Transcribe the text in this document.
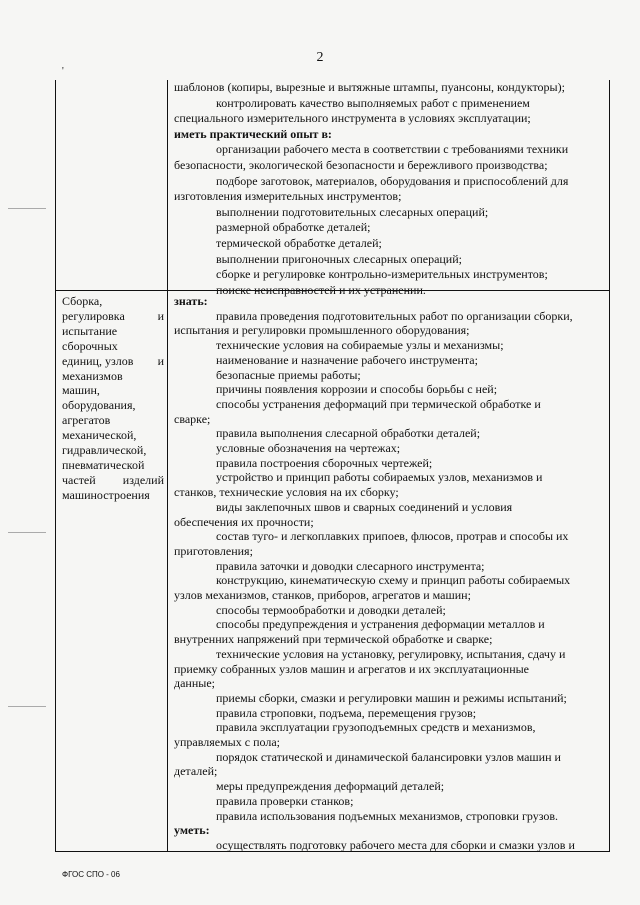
2
'
шаблонов (копиры, вырезные и вытяжные штампы, пуансоны, кондукторы);
контролировать качество выполняемых работ с применением
специального измерительного инструмента в условиях эксплуатации;
иметь практический опыт в:
организации рабочего места в соответствии с требованиями техники
безопасности, экологической безопасности и бережливого производства;
подборе заготовок, материалов, оборудования и приспособлений для
изготовления измерительных инструментов;
выполнении подготовительных слесарных операций;
размерной обработке деталей;
термической обработке деталей;
выполнении пригоночных слесарных операций;
сборке и регулировке контрольно-измерительных инструментов;
поиске неисправностей и их устранении.
знать:
правила проведения подготовительных работ по организации сборки,
испытания и регулировки промышленного оборудования;
технические условия на собираемые узлы и механизмы;
наименование и назначение рабочего инструмента;
безопасные приемы работы;
причины появления коррозии и способы борьбы с ней;
способы устранения деформаций при термической обработке и
сварке;
правила выполнения слесарной обработки деталей;
условные обозначения на чертежах;
правила построения сборочных чертежей;
устройство и принцип работы собираемых узлов, механизмов и
станков, технические условия на их сборку;
виды заклепочных швов и сварных соединений и условия
обеспечения их прочности;
состав туго- и легкоплавких припоев, флюсов, протрав и способы их
приготовления;
правила заточки и доводки слесарного инструмента;
конструкцию, кинематическую схему и принцип работы собираемых
узлов механизмов, станков, приборов, агрегатов и машин;
способы термообработки и доводки деталей;
способы предупреждения и устранения деформации металлов и
внутренних напряжений при термической обработке и сварке;
технические условия на установку, регулировку, испытания, сдачу и
приемку собранных узлов машин и агрегатов и их эксплуатационные
данные;
приемы сборки, смазки и регулировки машин и режимы испытаний;
правила строповки, подъема, перемещения грузов;
правила эксплуатации грузоподъемных средств и механизмов,
управляемых с пола;
порядок статической и динамической балансировки узлов машин и
деталей;
меры предупреждения деформаций деталей;
правила проверки станков;
правила использования подъемных механизмов, строповки грузов.
уметь:
осуществлять подготовку рабочего места для сборки и смазки узлов и
Сборка,
регулировка	и
испытание
сборочных
единиц, узлов и
механизмов
машин,
оборудования,
агрегатов
механической,
гидравлической,
пневматической
частей изделий
машиностроения
ФГОС СПО - 06
